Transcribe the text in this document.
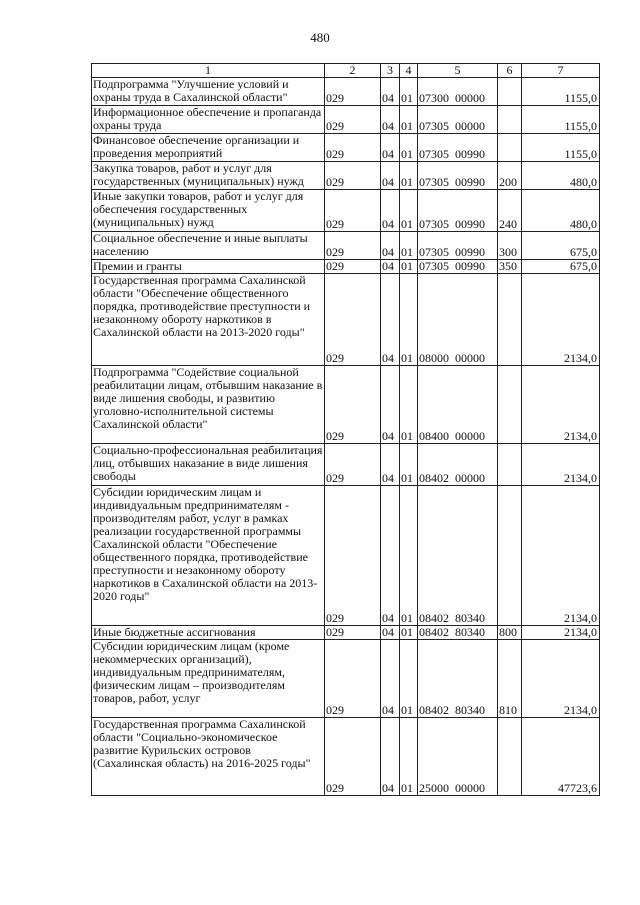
480
1	2	3	4	5	6	7
Подпрограмма "Улучшение условий и охраны труда в Сахалинской области"	029	04	01	07300  00000		1155,0
Информационное обеспечение и пропаганда охраны труда	029	04	01	07305  00000		1155,0
Финансовое обеспечение организации и проведения мероприятий	029	04	01	07305  00990		1155,0
Закупка товаров, работ и услуг для государственных (муниципальных) нужд	029	04	01	07305  00990	200	480,0
Иные закупки товаров, работ и услуг для обеспечения государственных (муниципальных) нужд	029	04	01	07305  00990	240	480,0
Социальное обеспечение и иные выплаты населению	029	04	01	07305  00990	300	675,0
Премии и гранты	029	04	01	07305  00990	350	675,0
Государственная программа Сахалинской области "Обеспечение общественного порядка, противодействие преступности и незаконному обороту наркотиков в Сахалинской области на 2013-2020 годы"	029	04	01	08000  00000		2134,0
Подпрограмма "Содействие социальной реабилитации лицам, отбывшим наказание в виде лишения свободы, и развитию уголовно-исполнительной системы Сахалинской области"	029	04	01	08400  00000		2134,0
Социально-профессиональная реабилитация лиц, отбывших наказание в виде лишения свободы	029	04	01	08402  00000		2134,0
Субсидии юридическим лицам и индивидуальным предпринимателям - производителям работ, услуг в рамках реализации государственной программы Сахалинской области "Обеспечение общественного порядка, противодействие преступности и незаконному обороту наркотиков в Сахалинской области на 2013-2020 годы"	029	04	01	08402  80340		2134,0
Иные бюджетные ассигнования	029	04	01	08402  80340	800	2134,0
Субсидии юридическим лицам (кроме некоммерческих организаций), индивидуальным предпринимателям, физическим лицам – производителям товаров, работ, услуг	029	04	01	08402  80340	810	2134,0
Государственная программа Сахалинской области "Социально-экономическое развитие Курильских островов (Сахалинская область) на 2016-2025 годы"	029	04	01	25000  00000		47723,6
